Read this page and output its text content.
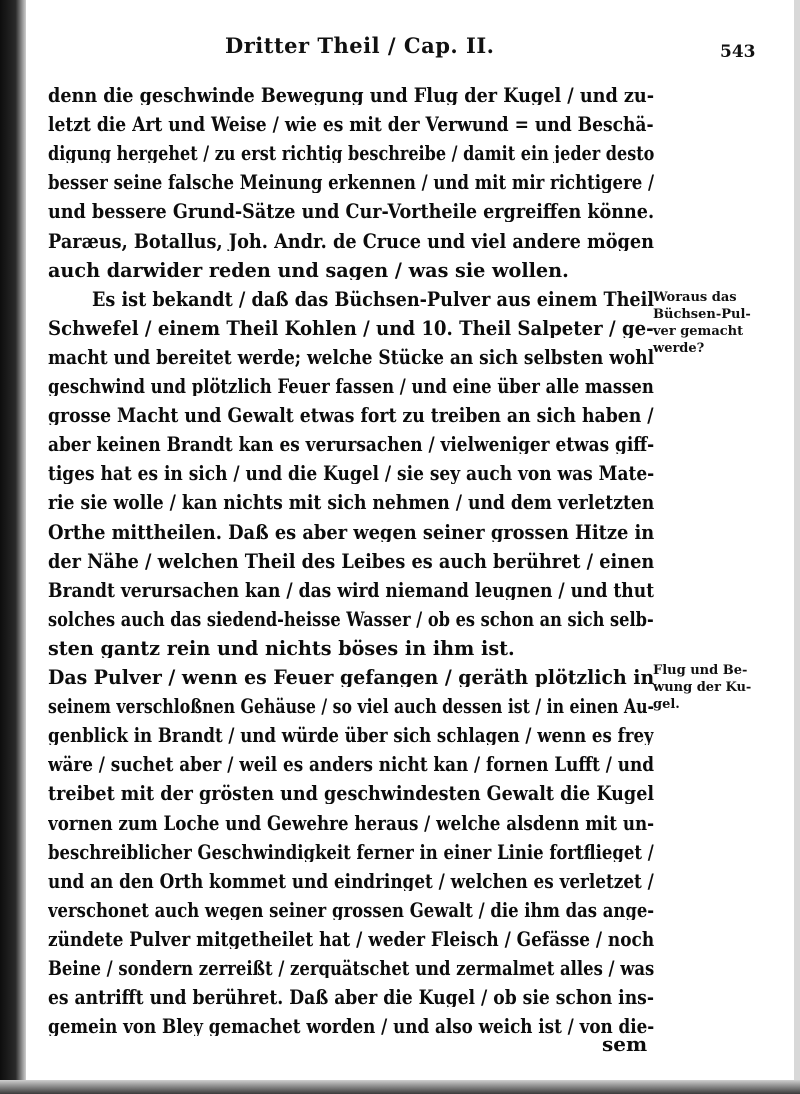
Dritter Theil / Cap. II.	543
denn die geschwinde Bewegung und Flug der Kugel / und zu-
letzt die Art und Weise / wie es mit der Verwund = und Beschä-
digung hergehet / zu erst richtig beschreibe / damit ein jeder desto
besser seine falsche Meinung erkennen / und mit mir richtigere /
und bessere Grund-Sätze und Cur-Vortheile ergreiffen könne.
Paræus, Botallus, Joh. Andr. de Cruce und viel andere mögen
auch darwider reden und sagen / was sie wollen.
Es ist bekandt / daß das Büchsen-Pulver aus einem Theil
Schwefel / einem Theil Kohlen / und 10. Theil Salpeter / ge-
macht und bereitet werde; welche Stücke an sich selbsten wohl
geschwind und plötzlich Feuer fassen / und eine über alle massen
grosse Macht und Gewalt etwas fort zu treiben an sich haben /
aber keinen Brandt kan es verursachen / vielweniger etwas giff-
tiges hat es in sich / und die Kugel / sie sey auch von was Mate-
rie sie wolle / kan nichts mit sich nehmen / und dem verletzten
Orthe mittheilen. Daß es aber wegen seiner grossen Hitze in
der Nähe / welchen Theil des Leibes es auch berühret / einen
Brandt verursachen kan / das wird niemand leugnen / und thut
solches auch das siedend-heisse Wasser / ob es schon an sich selb-
sten gantz rein und nichts böses in ihm ist.
Das Pulver / wenn es Feuer gefangen / geräth plötzlich in
seinem verschloßnen Gehäuse / so viel auch dessen ist / in einen Au-
genblick in Brandt / und würde über sich schlagen / wenn es frey
wäre / suchet aber / weil es anders nicht kan / fornen Lufft / und
treibet mit der grösten und geschwindesten Gewalt die Kugel
vornen zum Loche und Gewehre heraus / welche alsdenn mit un-
beschreiblicher Geschwindigkeit ferner in einer Linie fortflieget /
und an den Orth kommet und eindringet / welchen es verletzet /
verschonet auch wegen seiner grossen Gewalt / die ihm das ange-
zündete Pulver mitgetheilet hat / weder Fleisch / Gefässe / noch
Beine / sondern zerreißt / zerquätschet und zermalmet alles / was
es antrifft und berühret. Daß aber die Kugel / ob sie schon ins-
gemein von Bley gemachet worden / und also weich ist / von die-
sem
Woraus das
Büchsen-Pul-
ver gemacht
werde?
Flug und Be-
wung der Ku-
gel.
